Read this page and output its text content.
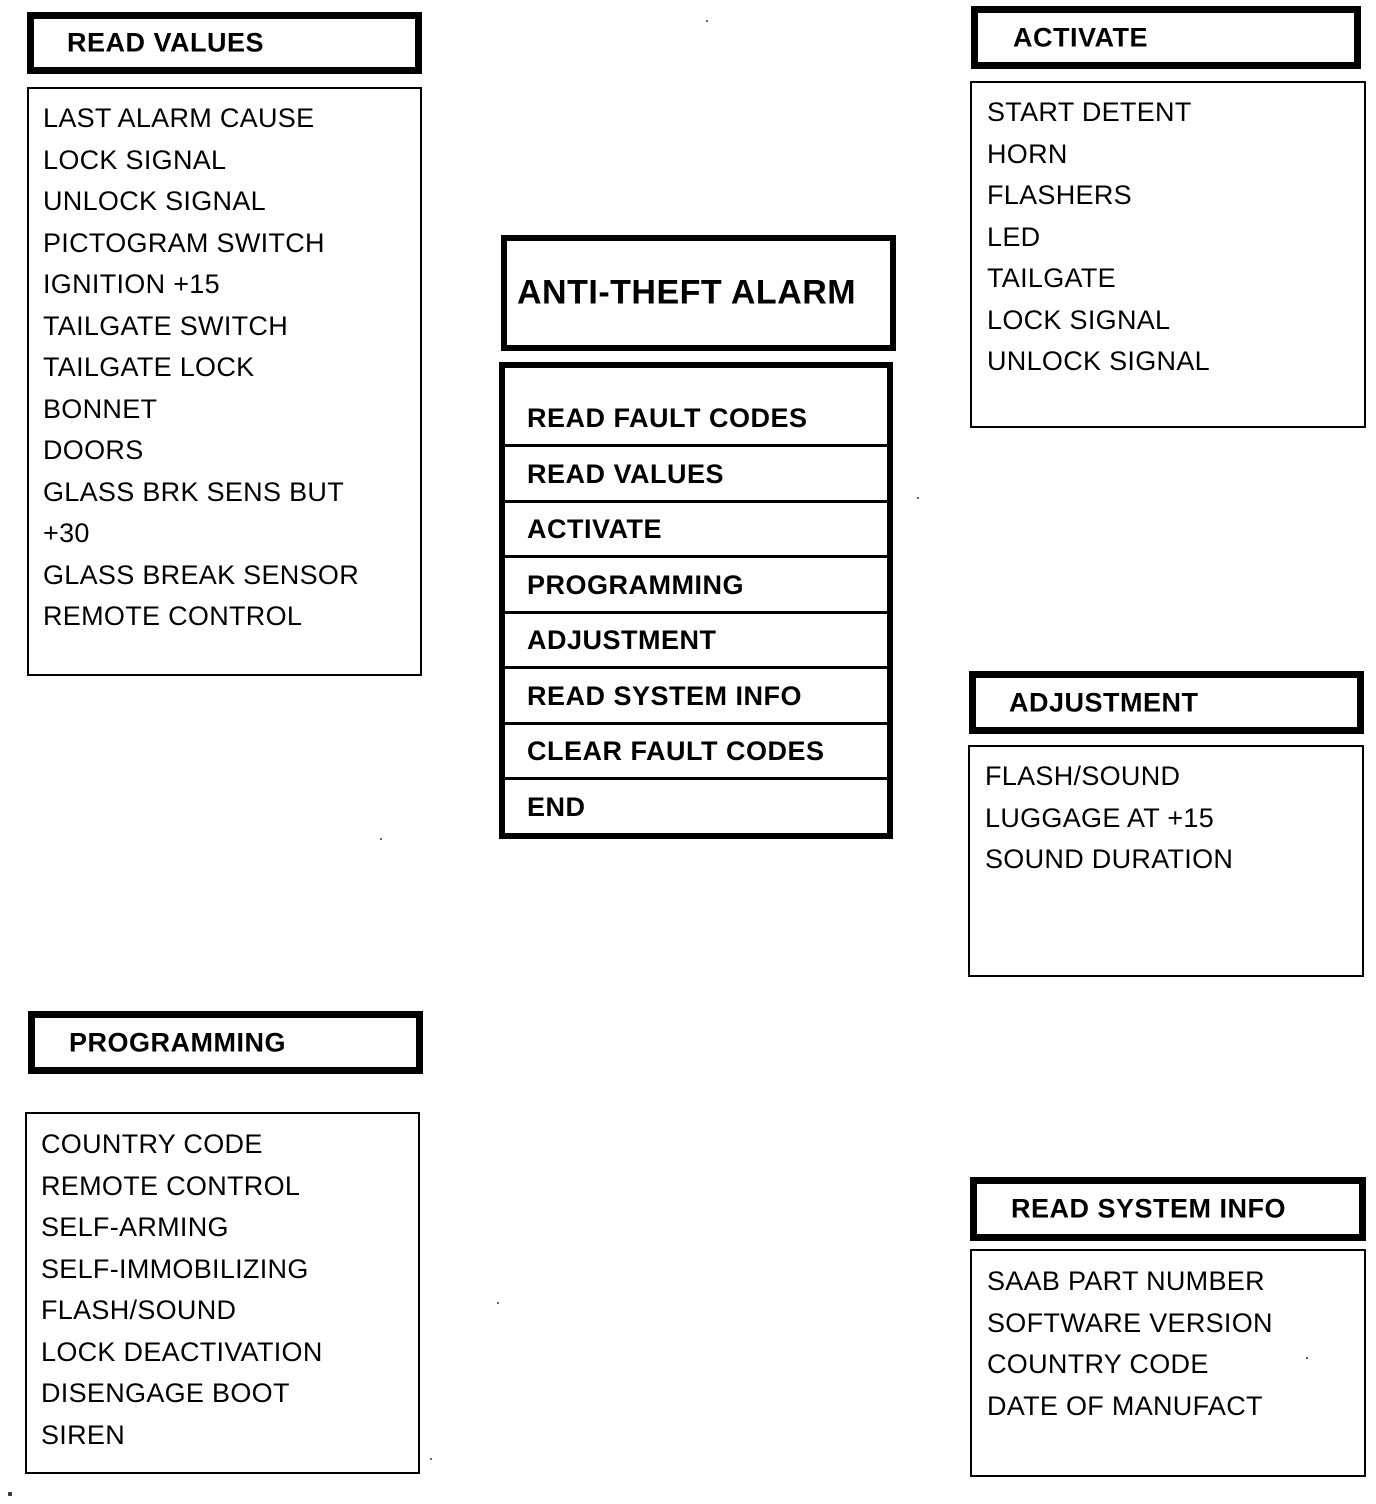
READ VALUES
LAST ALARM CAUSE
LOCK SIGNAL
UNLOCK SIGNAL
PICTOGRAM SWITCH
IGNITION +15
TAILGATE SWITCH
TAILGATE LOCK
BONNET
DOORS
GLASS BRK SENS BUT
+30
GLASS BREAK SENSOR
REMOTE CONTROL
ACTIVATE
START DETENT
HORN
FLASHERS
LED
TAILGATE
LOCK SIGNAL
UNLOCK SIGNAL
ANTI-THEFT ALARM
READ FAULT CODES
READ VALUES
ACTIVATE
PROGRAMMING
ADJUSTMENT
READ SYSTEM INFO
CLEAR FAULT CODES
END
ADJUSTMENT
FLASH/SOUND
LUGGAGE AT +15
SOUND DURATION
PROGRAMMING
COUNTRY CODE
REMOTE CONTROL
SELF-ARMING
SELF-IMMOBILIZING
FLASH/SOUND
LOCK DEACTIVATION
DISENGAGE BOOT
SIREN
READ SYSTEM INFO
SAAB PART NUMBER
SOFTWARE VERSION
COUNTRY CODE
DATE OF MANUFACT
